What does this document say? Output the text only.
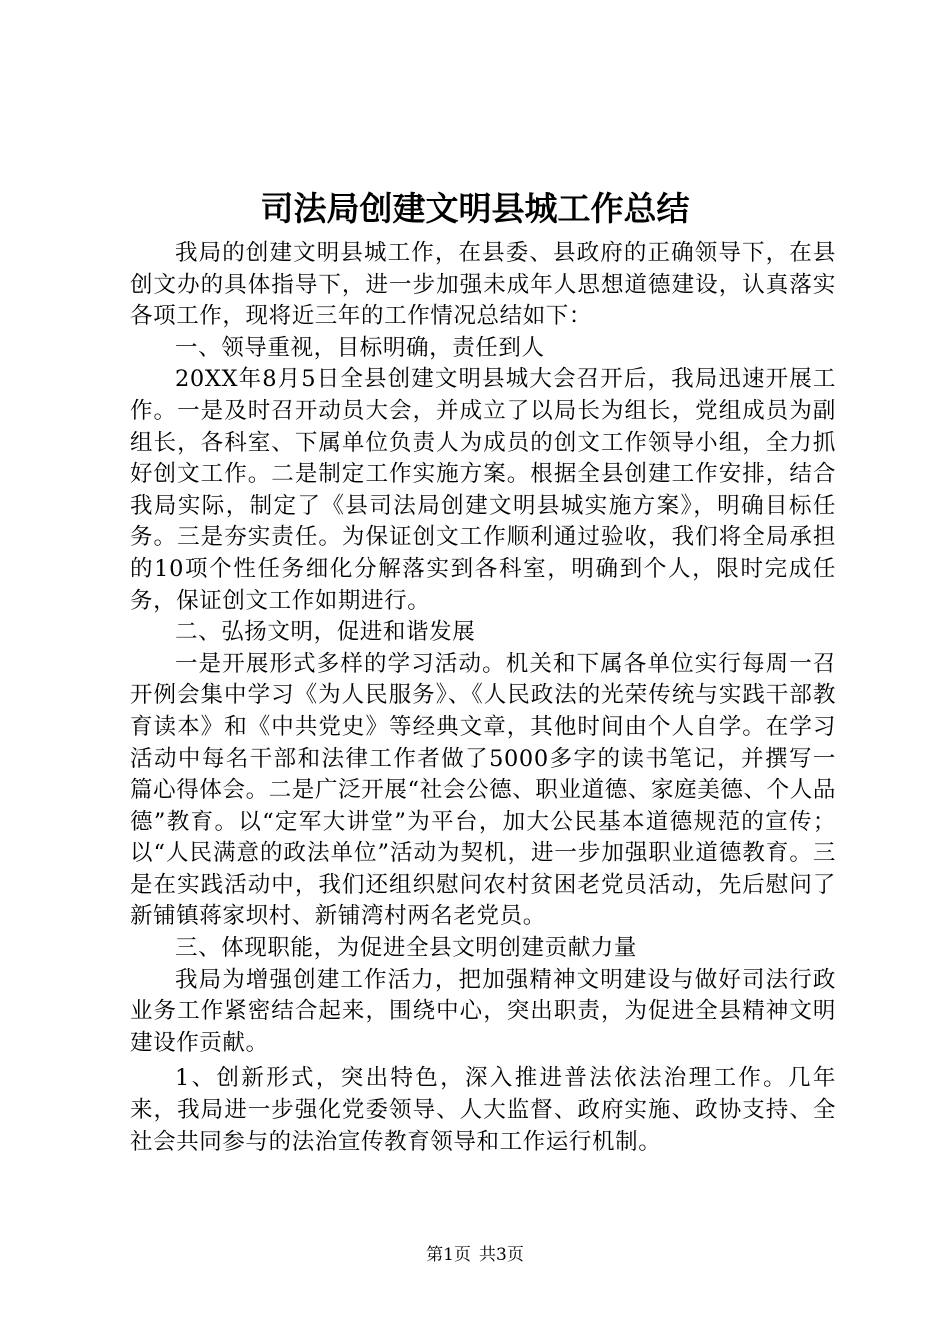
司法局创建文明县城工作总结

我局的创建文明县城工作，在县委、县政府的正确领导下，在县创文办的具体指导下，进一步加强未成年人思想道德建设，认真落实各项工作，现将近三年的工作情况总结如下：

一、领导重视，目标明确，责任到人

20XX年8月5日全县创建文明县城大会召开后，我局迅速开展工作。一是及时召开动员大会，并成立了以局长为组长，党组成员为副组长，各科室、下属单位负责人为成员的创文工作领导小组，全力抓好创文工作。二是制定工作实施方案。根据全县创建工作安排，结合我局实际，制定了《县司法局创建文明县城实施方案》，明确目标任务。三是夯实责任。为保证创文工作顺利通过验收，我们将全局承担的10项个性任务细化分解落实到各科室，明确到个人，限时完成任务，保证创文工作如期进行。

二、弘扬文明，促进和谐发展

一是开展形式多样的学习活动。机关和下属各单位实行每周一召开例会集中学习《为人民服务》、《人民政法的光荣传统与实践干部教育读本》和《中共党史》等经典文章，其他时间由个人自学。在学习活动中每名干部和法律工作者做了5000多字的读书笔记，并撰写一篇心得体会。二是广泛开展“社会公德、职业道德、家庭美德、个人品德”教育。以“定军大讲堂”为平台，加大公民基本道德规范的宣传；以“人民满意的政法单位”活动为契机，进一步加强职业道德教育。三是在实践活动中，我们还组织慰问农村贫困老党员活动，先后慰问了新铺镇蒋家坝村、新铺湾村两名老党员。

三、体现职能，为促进全县文明创建贡献力量

我局为增强创建工作活力，把加强精神文明建设与做好司法行政业务工作紧密结合起来，围绕中心，突出职责，为促进全县精神文明建设作贡献。

1、创新形式，突出特色，深入推进普法依法治理工作。几年来，我局进一步强化党委领导、人大监督、政府实施、政协支持、全社会共同参与的法治宣传教育领导和工作运行机制。

第1页 共3页
